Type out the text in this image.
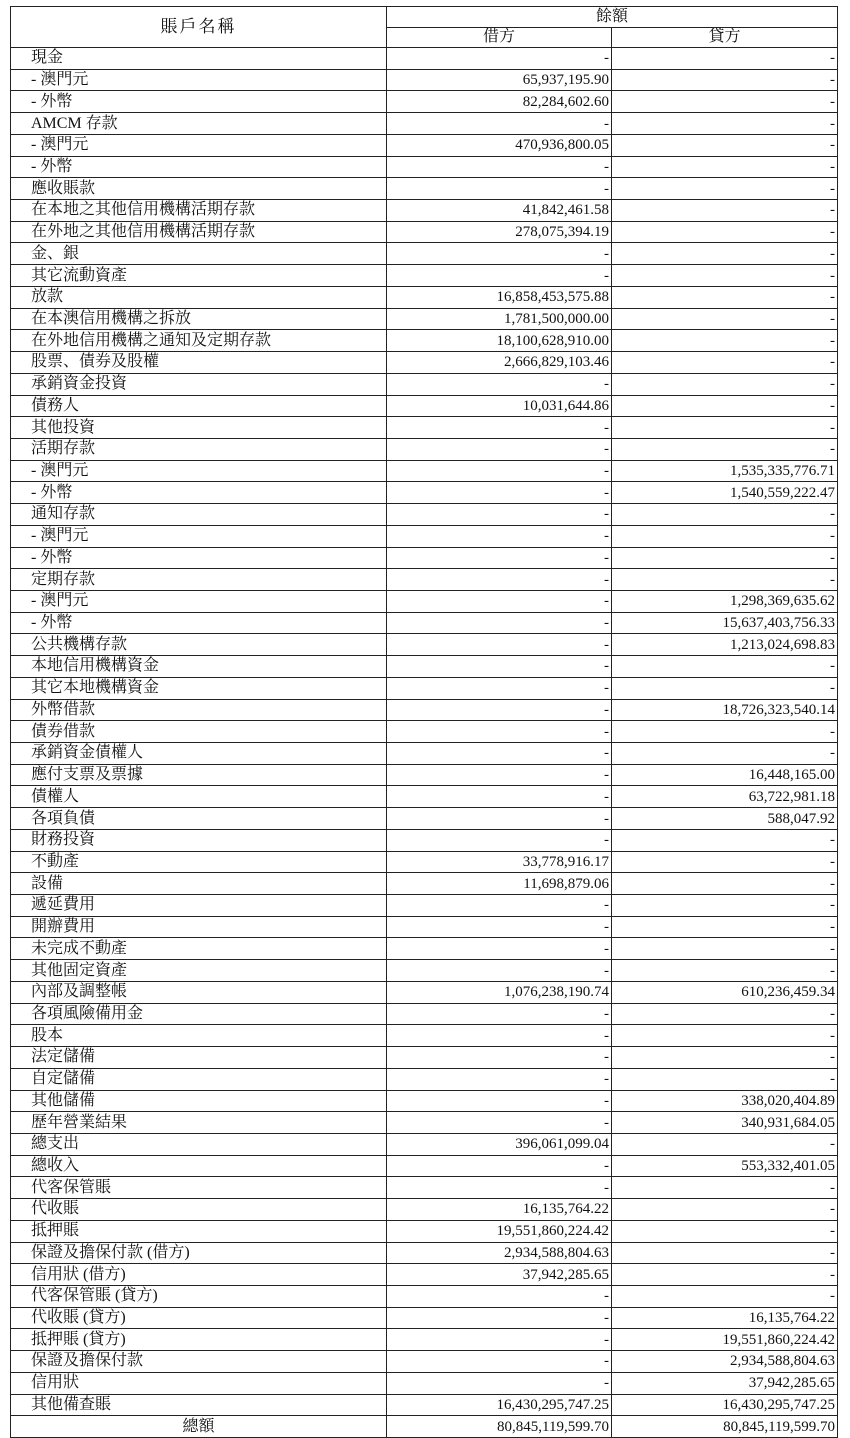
賬戶名稱	餘額	
	借方	貸方
現金	-	-
- 澳門元	65,937,195.90	-
- 外幣	82,284,602.60	-
AMCM 存款	-	-
- 澳門元	470,936,800.05	-
- 外幣	-	-
應收賬款	-	-
在本地之其他信用機構活期存款	41,842,461.58	-
在外地之其他信用機構活期存款	278,075,394.19	-
金、銀	-	-
其它流動資產	-	-
放款	16,858,453,575.88	-
在本澳信用機構之拆放	1,781,500,000.00	-
在外地信用機構之通知及定期存款	18,100,628,910.00	-
股票、債券及股權	2,666,829,103.46	-
承銷資金投資	-	-
債務人	10,031,644.86	-
其他投資	-	-
活期存款	-	-
- 澳門元	-	1,535,335,776.71
- 外幣	-	1,540,559,222.47
通知存款	-	-
- 澳門元	-	-
- 外幣	-	-
定期存款	-	-
- 澳門元	-	1,298,369,635.62
- 外幣	-	15,637,403,756.33
公共機構存款	-	1,213,024,698.83
本地信用機構資金	-	-
其它本地機構資金	-	-
外幣借款	-	18,726,323,540.14
債券借款	-	-
承銷資金債權人	-	-
應付支票及票據	-	16,448,165.00
債權人	-	63,722,981.18
各項負債	-	588,047.92
財務投資	-	-
不動產	33,778,916.17	-
設備	11,698,879.06	-
遞延費用	-	-
開辦費用	-	-
未完成不動產	-	-
其他固定資產	-	-
內部及調整帳	1,076,238,190.74	610,236,459.34
各項風險備用金	-	-
股本	-	-
法定儲備	-	-
自定儲備	-	-
其他儲備	-	338,020,404.89
歷年營業結果	-	340,931,684.05
總支出	396,061,099.04	-
總收入	-	553,332,401.05
代客保管賬	-	-
代收賬	16,135,764.22	-
抵押賬	19,551,860,224.42	-
保證及擔保付款 (借方)	2,934,588,804.63	-
信用狀 (借方)	37,942,285.65	-
代客保管賬 (貸方)	-	-
代收賬 (貸方)	-	16,135,764.22
抵押賬 (貸方)	-	19,551,860,224.42
保證及擔保付款	-	2,934,588,804.63
信用狀	-	37,942,285.65
其他備查賬	16,430,295,747.25	16,430,295,747.25
總額	80,845,119,599.70	80,845,119,599.70
